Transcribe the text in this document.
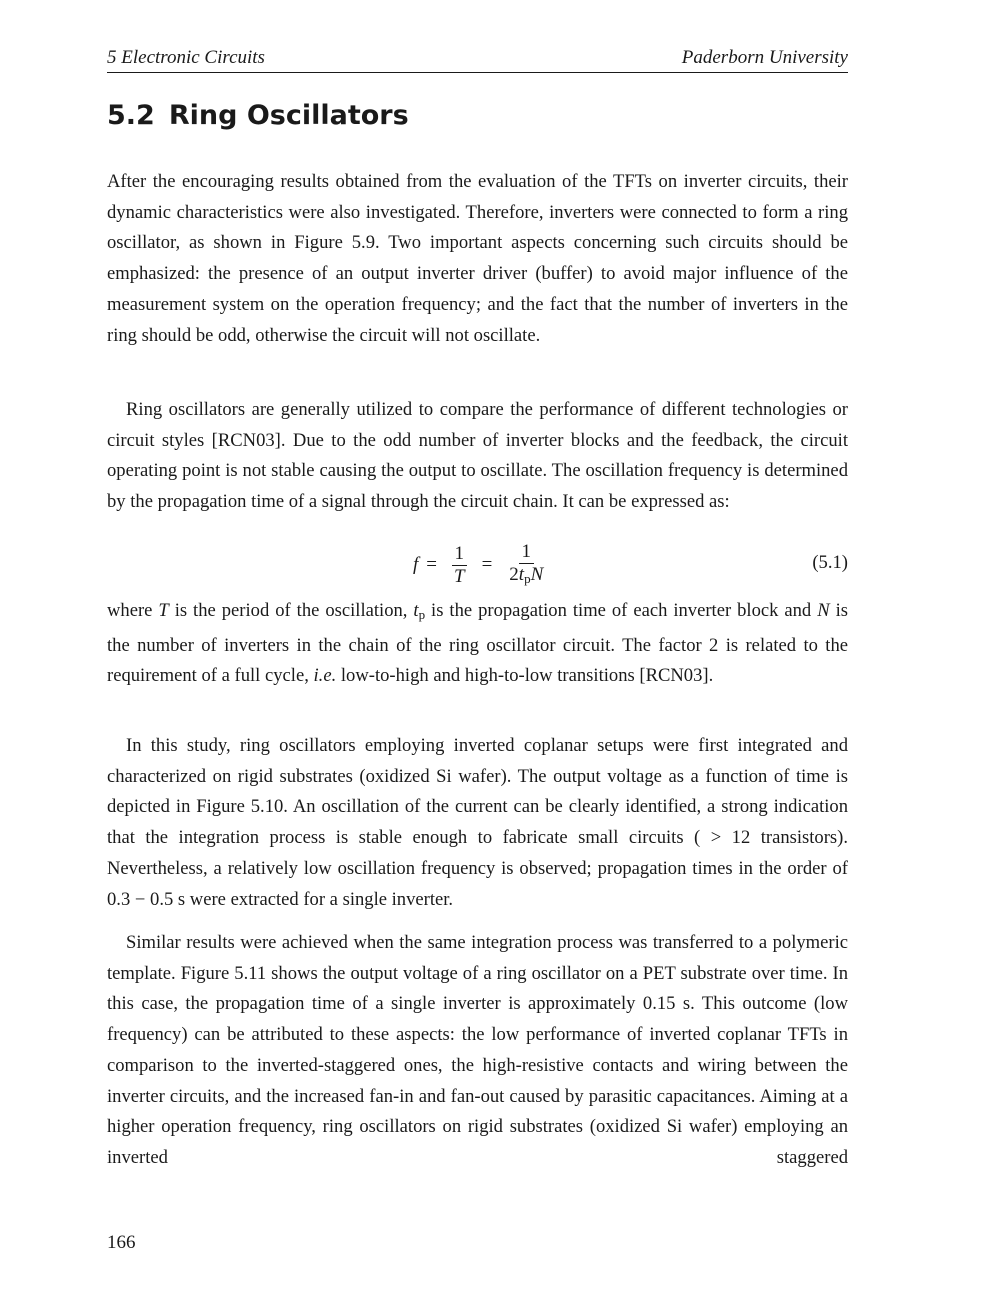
5 Electronic Circuits	Paderborn University
5.2 Ring Oscillators

After the encouraging results obtained from the evaluation of the TFTs on inverter circuits, their dynamic characteristics were also investigated. Therefore, inverters were connected to form a ring oscillator, as shown in Figure 5.9. Two important aspects concerning such circuits should be emphasized: the presence of an output inverter driver (buffer) to avoid major influence of the measurement system on the operation frequency; and the fact that the number of inverters in the ring should be odd, otherwise the circuit will not oscillate.

Ring oscillators are generally utilized to compare the performance of different technologies or circuit styles [RCN03]. Due to the odd number of inverter blocks and the feedback, the circuit operating point is not stable causing the output to oscillate. The oscillation frequency is determined by the propagation time of a signal through the circuit chain. It can be expressed as:

$f = \frac{1}{T} = \frac{1}{2t_pN}$	(5.1)

where T is the period of the oscillation, $t_p$ is the propagation time of each inverter block and N is the number of inverters in the chain of the ring oscillator circuit. The factor 2 is related to the requirement of a full cycle, i.e. low-to-high and high-to-low transitions [RCN03].

In this study, ring oscillators employing inverted coplanar setups were first integrated and characterized on rigid substrates (oxidized Si wafer). The output voltage as a function of time is depicted in Figure 5.10. An oscillation of the current can be clearly identified, a strong indication that the integration process is stable enough to fabricate small circuits ( > 12 transistors). Nevertheless, a relatively low oscillation frequency is observed; propagation times in the order of 0.3 − 0.5 s were extracted for a single inverter.

Similar results were achieved when the same integration process was transferred to a polymeric template. Figure 5.11 shows the output voltage of a ring oscillator on a PET substrate over time. In this case, the propagation time of a single inverter is approximately 0.15 s. This outcome (low frequency) can be attributed to these aspects: the low performance of inverted coplanar TFTs in comparison to the inverted-staggered ones, the high-resistive contacts and wiring between the inverter circuits, and the increased fan-in and fan-out caused by parasitic capacitances. Aiming at a higher operation frequency, ring oscillators on rigid substrates (oxidized Si wafer) employing an inverted staggered

166
